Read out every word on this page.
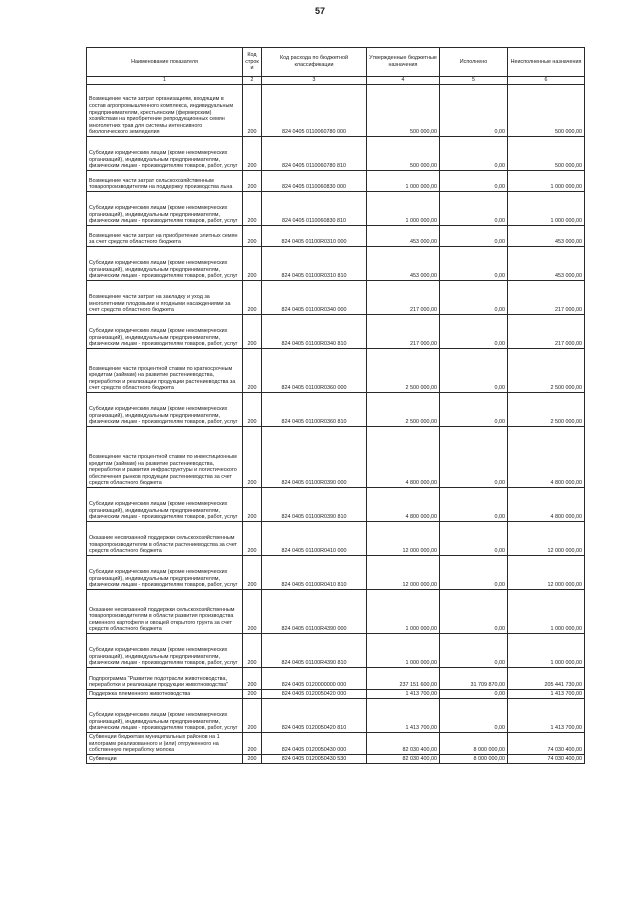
57
Наименование показателя	Код строк и	Код расхода по бюджетной классификации	Утвержденные бюджетные назначения	Исполнено	Неисполненные назначения
1	2	3	4	5	6
Возмещение части затрат организациям, входящим в состав агропромышленного комплекса, индивидуальным предпринимателям, крестьянским (фермерским) хозяйствам на приобретение репродукционных семян многолетних трав для системы интенсивного биологического земледелия	200	824 0405 0110060780 000	500 000,00	0,00	500 000,00
Субсидии юридическим лицам (кроме некоммерческих организаций), индивидуальным предпринимателям, физическим лицам - производителям товаров, работ, услуг	200	824 0405 0110060780 810	500 000,00	0,00	500 000,00
Возмещение части затрат сельскохозяйственным товаропроизводителям на поддержку производства льна	200	824 0405 0110060830 000	1 000 000,00	0,00	1 000 000,00
Субсидии юридическим лицам (кроме некоммерческих организаций), индивидуальным предпринимателям, физическим лицам - производителям товаров, работ, услуг	200	824 0405 0110060830 810	1 000 000,00	0,00	1 000 000,00
Возмещение части затрат на приобретение элитных семян за счет средств областного бюджета	200	824 0405 01100R0310 000	453 000,00	0,00	453 000,00
Субсидии юридическим лицам (кроме некоммерческих организаций), индивидуальным предпринимателям, физическим лицам - производителям товаров, работ, услуг	200	824 0405 01100R0310 810	453 000,00	0,00	453 000,00
Возмещение части затрат на закладку и уход за многолетними плодовыми и ягодными насаждениями за счет средств областного бюджета	200	824 0405 01100R0340 000	217 000,00	0,00	217 000,00
Субсидии юридическим лицам (кроме некоммерческих организаций), индивидуальным предпринимателям, физическим лицам - производителям товаров, работ, услуг	200	824 0405 01100R0340 810	217 000,00	0,00	217 000,00
Возмещение части процентной ставки по краткосрочным кредитам (займам) на развитие растениеводства, переработки и реализации продукции растениеводства за счет средств областного бюджета	200	824 0405 01100R0360 000	2 500 000,00	0,00	2 500 000,00
Субсидии юридическим лицам (кроме некоммерческих организаций), индивидуальным предпринимателям, физическим лицам - производителям товаров, работ, услуг	200	824 0405 01100R0360 810	2 500 000,00	0,00	2 500 000,00
Возмещение части процентной ставки по инвестиционным кредитам (займам) на развитие растениеводства, переработки и развития инфраструктуры и логистического обеспечения рынков продукции растениеводства за счет средств областного бюджета	200	824 0405 01100R0390 000	4 800 000,00	0,00	4 800 000,00
Субсидии юридическим лицам (кроме некоммерческих организаций), индивидуальным предпринимателям, физическим лицам - производителям товаров, работ, услуг	200	824 0405 01100R0390 810	4 800 000,00	0,00	4 800 000,00
Оказание несвязанной поддержки сельскохозяйственным товаропроизводителям в области растениеводства за счет средств областного бюджета	200	824 0405 01100R0410 000	12 000 000,00	0,00	12 000 000,00
Субсидии юридическим лицам (кроме некоммерческих организаций), индивидуальным предпринимателям, физическим лицам - производителям товаров, работ, услуг	200	824 0405 01100R0410 810	12 000 000,00	0,00	12 000 000,00
Оказание несвязанной поддержки сельскохозяйственным товаропроизводителям в области развития производства семенного картофеля и овощей открытого грунта за счет средств областного бюджета	200	824 0405 01100R4390 000	1 000 000,00	0,00	1 000 000,00
Субсидии юридическим лицам (кроме некоммерческих организаций), индивидуальным предпринимателям, физическим лицам - производителям товаров, работ, услуг	200	824 0405 01100R4390 810	1 000 000,00	0,00	1 000 000,00
Подпрограмма "Развитие подотрасли животноводства, переработки и реализации продукции животноводства"	200	824 0405 0120000000 000	237 151 600,00	31 709 870,00	205 441 730,00
Поддержка племенного животноводства	200	824 0405 0120050420 000	1 413 700,00	0,00	1 413 700,00
Субсидии юридическим лицам (кроме некоммерческих организаций), индивидуальным предпринимателям, физическим лицам - производителям товаров, работ, услуг	200	824 0405 0120050420 810	1 413 700,00	0,00	1 413 700,00
Субвенции бюджетам муниципальных районов на 1 килограмм реализованного и (или) отгруженного на собственную переработку молока	200	824 0405 0120050430 000	82 030 400,00	8 000 000,00	74 030 400,00
Субвенции	200	824 0405 0120050430 530	82 030 400,00	8 000 000,00	74 030 400,00
